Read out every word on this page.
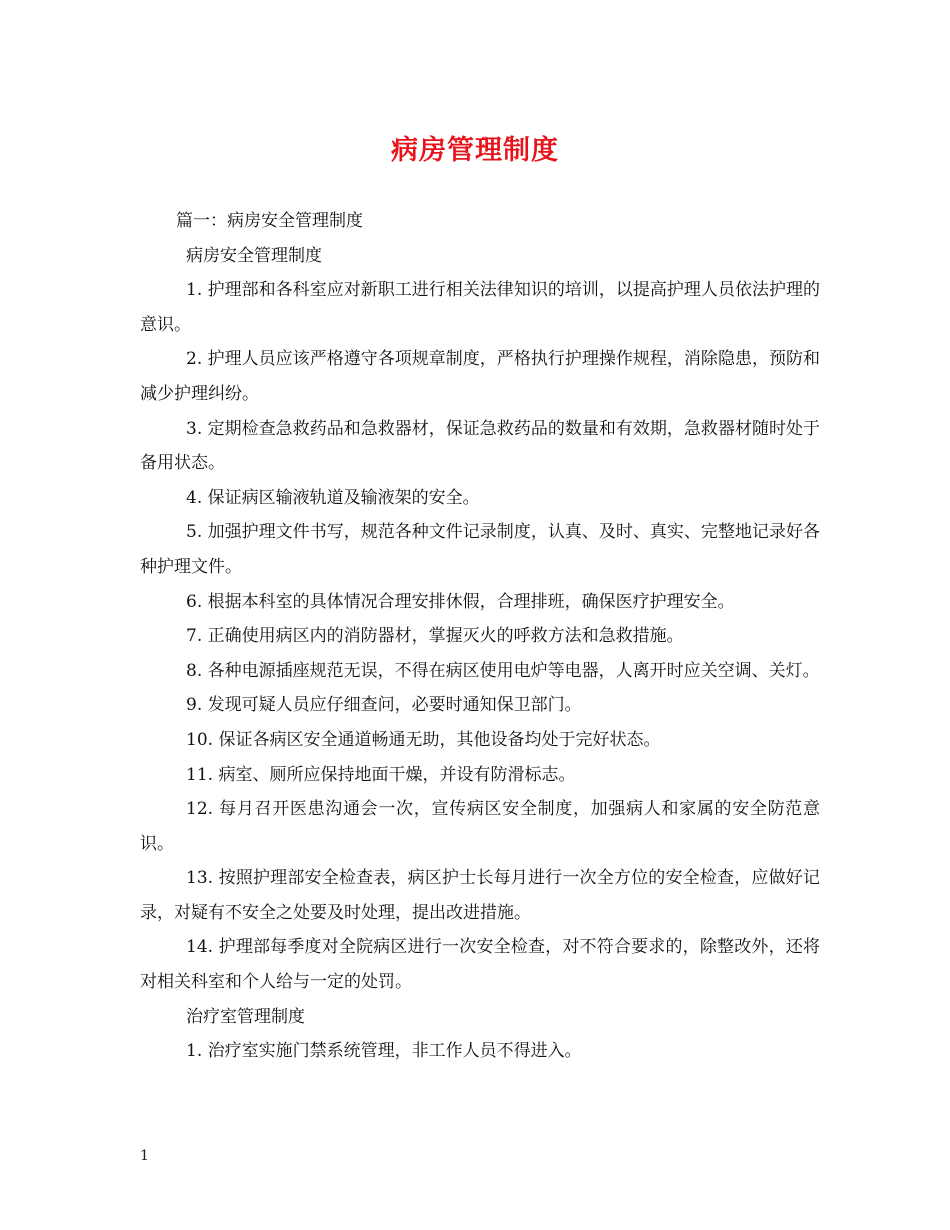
病房管理制度

篇一：病房安全管理制度

病房安全管理制度

1. 护理部和各科室应对新职工进行相关法律知识的培训，以提高护理人员依法护理的意识。

2. 护理人员应该严格遵守各项规章制度，严格执行护理操作规程，消除隐患，预防和减少护理纠纷。

3. 定期检查急救药品和急救器材，保证急救药品的数量和有效期，急救器材随时处于备用状态。

4. 保证病区输液轨道及输液架的安全。

5. 加强护理文件书写，规范各种文件记录制度，认真、及时、真实、完整地记录好各种护理文件。

6. 根据本科室的具体情况合理安排休假，合理排班，确保医疗护理安全。

7. 正确使用病区内的消防器材，掌握灭火的呼救方法和急救措施。

8. 各种电源插座规范无误，不得在病区使用电炉等电器，人离开时应关空调、关灯。

9. 发现可疑人员应仔细查问，必要时通知保卫部门。

10. 保证各病区安全通道畅通无助，其他设备均处于完好状态。

11. 病室、厕所应保持地面干燥，并设有防滑标志。

12. 每月召开医患沟通会一次，宣传病区安全制度，加强病人和家属的安全防范意识。

13. 按照护理部安全检查表，病区护士长每月进行一次全方位的安全检查，应做好记录，对疑有不安全之处要及时处理，提出改进措施。

14. 护理部每季度对全院病区进行一次安全检查，对不符合要求的，除整改外，还将对相关科室和个人给与一定的处罚。

治疗室管理制度

1. 治疗室实施门禁系统管理，非工作人员不得进入。

1
